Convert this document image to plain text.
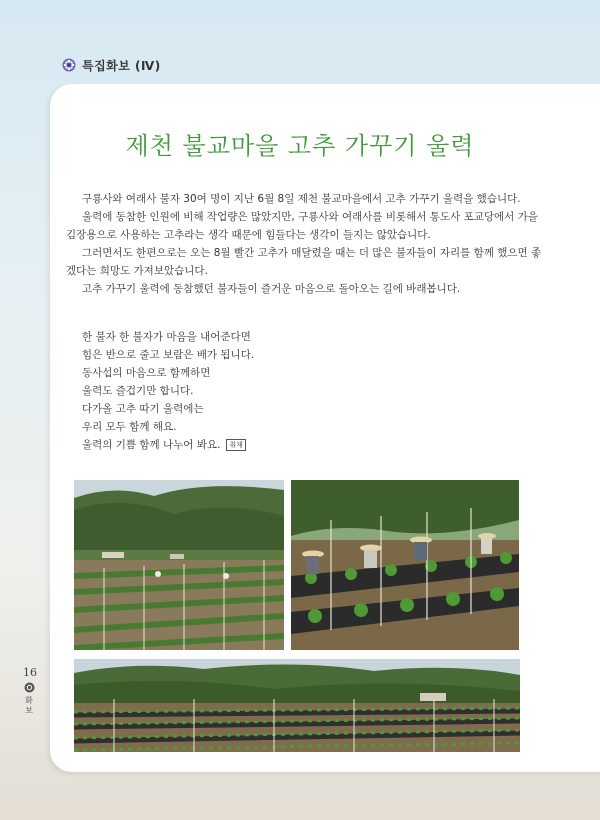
특집화보 (Ⅳ)
제천 불교마을 고추 가꾸기 울력

구룡사와 여래사 불자 30여 명이 지난 6월 8일 제천 불교마을에서 고추 가꾸기 울력을 했습니다.

울력에 동참한 인원에 비해 작업량은 많았지만, 구룡사와 여래사를 비롯해서 통도사 포교당에서 가을김장용으로 사용하는 고추라는 생각 때문에 힘들다는 생각이 들지는 않았습니다.

그러면서도 한편으로는 오는 8월 빨간 고추가 매달렸을 때는 더 많은 불자들이 자리를 함께 했으면 좋겠다는 희망도 가져보았습니다.

고추 가꾸기 울력에 동참했던 불자들이 즐거운 마음으로 돌아오는 길에 바래봅니다.

한 불자 한 불자가 마음을 내어준다면
힘은 반으로 줄고 보람은 배가 됩니다.
동사섭의 마음으로 함께하면
울력도 즐겁기만 합니다.
다가올 고추 따기 울력에는
우리 모두 함께 해요.
울력의 기쁨 함께 나누어 봐요. 취재
16
화
보
